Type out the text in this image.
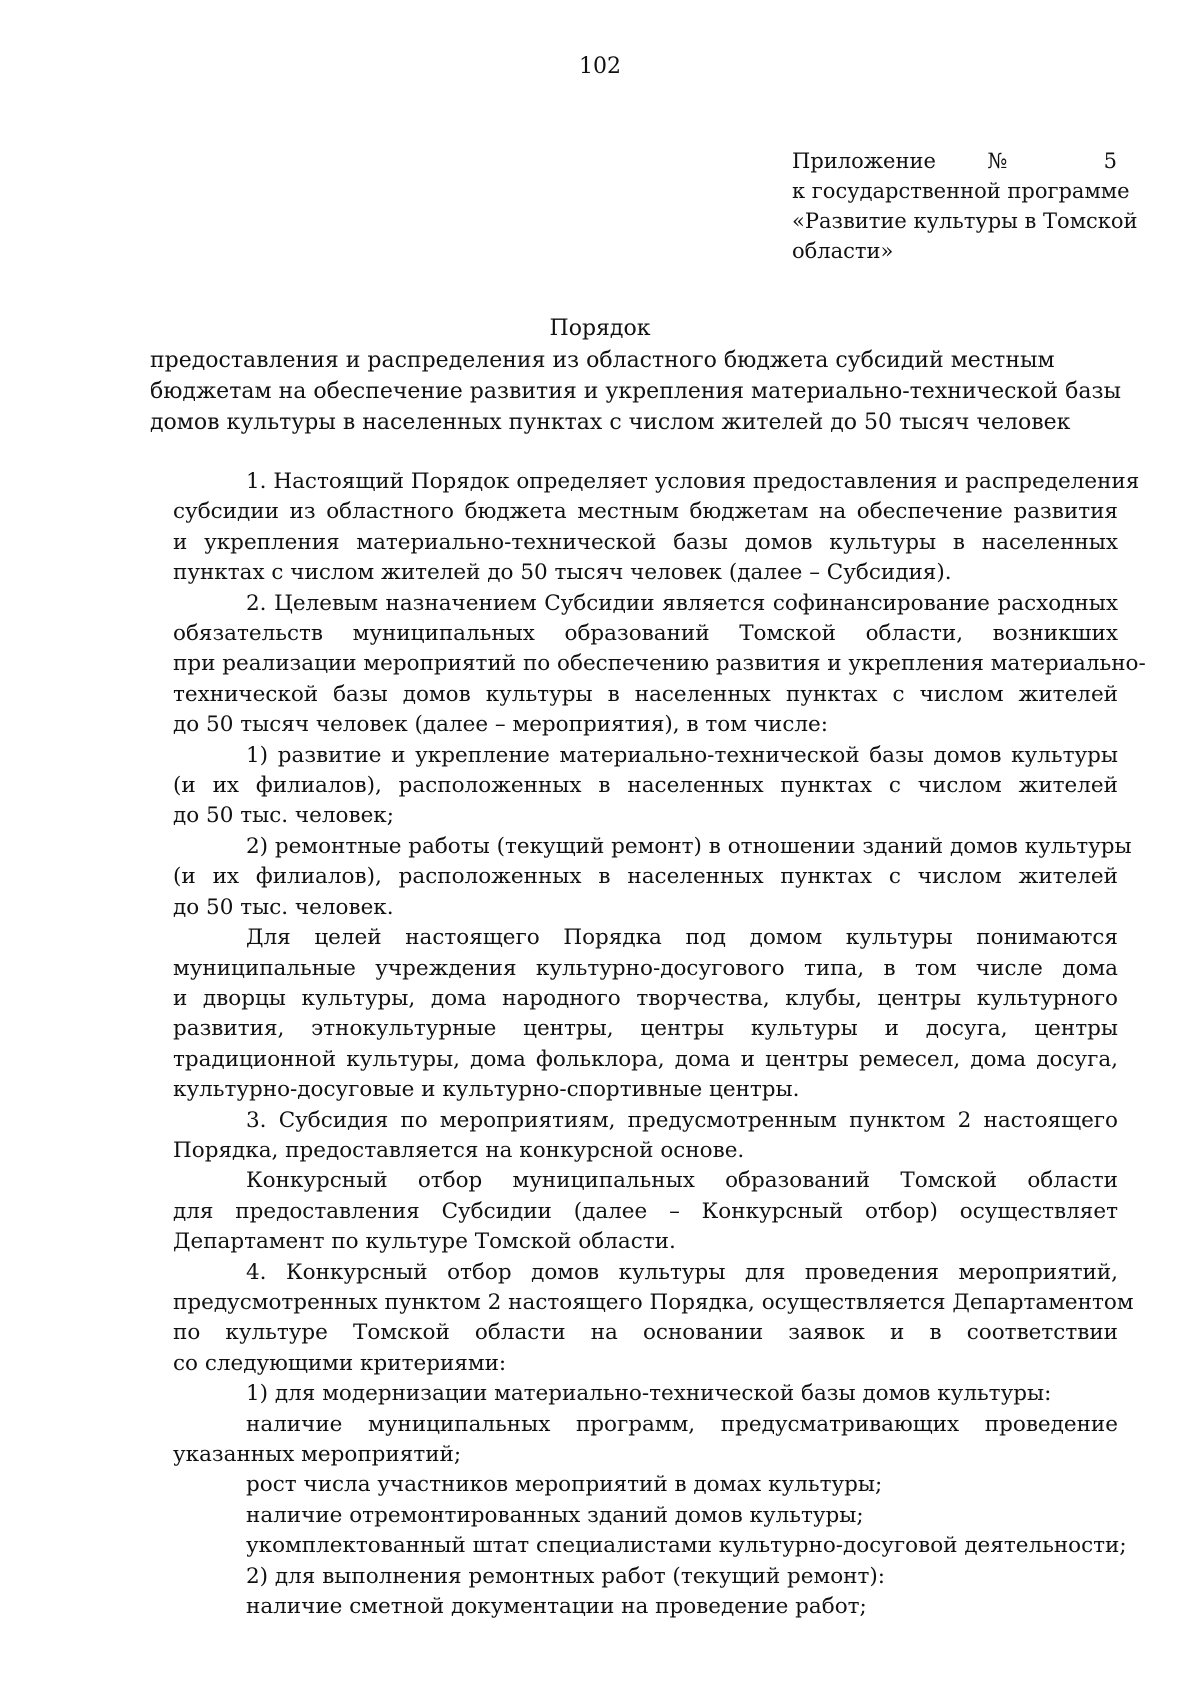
102
Приложение № 5
к государственной программе
«Развитие культуры в Томской
области»
Порядок
предоставления и распределения из областного бюджета субсидий местным
бюджетам на обеспечение развития и укрепления материально-технической базы
домов культуры в населенных пунктах с числом жителей до 50 тысяч человек
1. Настоящий Порядок определяет условия предоставления и распределения
субсидии из областного бюджета местным бюджетам на обеспечение развития
и укрепления материально-технической базы домов культуры в населенных
пунктах с числом жителей до 50 тысяч человек (далее – Субсидия).
2. Целевым назначением Субсидии является софинансирование расходных
обязательств муниципальных образований Томской области, возникших
при реализации мероприятий по обеспечению развития и укрепления материально-
технической базы домов культуры в населенных пунктах с числом жителей
до 50 тысяч человек (далее – мероприятия), в том числе:
1) развитие и укрепление материально-технической базы домов культуры
(и их филиалов), расположенных в населенных пунктах с числом жителей
до 50 тыс. человек;
2) ремонтные работы (текущий ремонт) в отношении зданий домов культуры
(и их филиалов), расположенных в населенных пунктах с числом жителей
до 50 тыс. человек.
Для целей настоящего Порядка под домом культуры понимаются
муниципальные учреждения культурно-досугового типа, в том числе дома
и дворцы культуры, дома народного творчества, клубы, центры культурного
развития, этнокультурные центры, центры культуры и досуга, центры
традиционной культуры, дома фольклора, дома и центры ремесел, дома досуга,
культурно-досуговые и культурно-спортивные центры.
3. Субсидия по мероприятиям, предусмотренным пунктом 2 настоящего
Порядка, предоставляется на конкурсной основе.
Конкурсный отбор муниципальных образований Томской области
для предоставления Субсидии (далее – Конкурсный отбор) осуществляет
Департамент по культуре Томской области.
4. Конкурсный отбор домов культуры для проведения мероприятий,
предусмотренных пунктом 2 настоящего Порядка, осуществляется Департаментом
по культуре Томской области на основании заявок и в соответствии
со следующими критериями:
1) для модернизации материально-технической базы домов культуры:
наличие муниципальных программ, предусматривающих проведение
указанных мероприятий;
рост числа участников мероприятий в домах культуры;
наличие отремонтированных зданий домов культуры;
укомплектованный штат специалистами культурно-досуговой деятельности;
2) для выполнения ремонтных работ (текущий ремонт):
наличие сметной документации на проведение работ;
